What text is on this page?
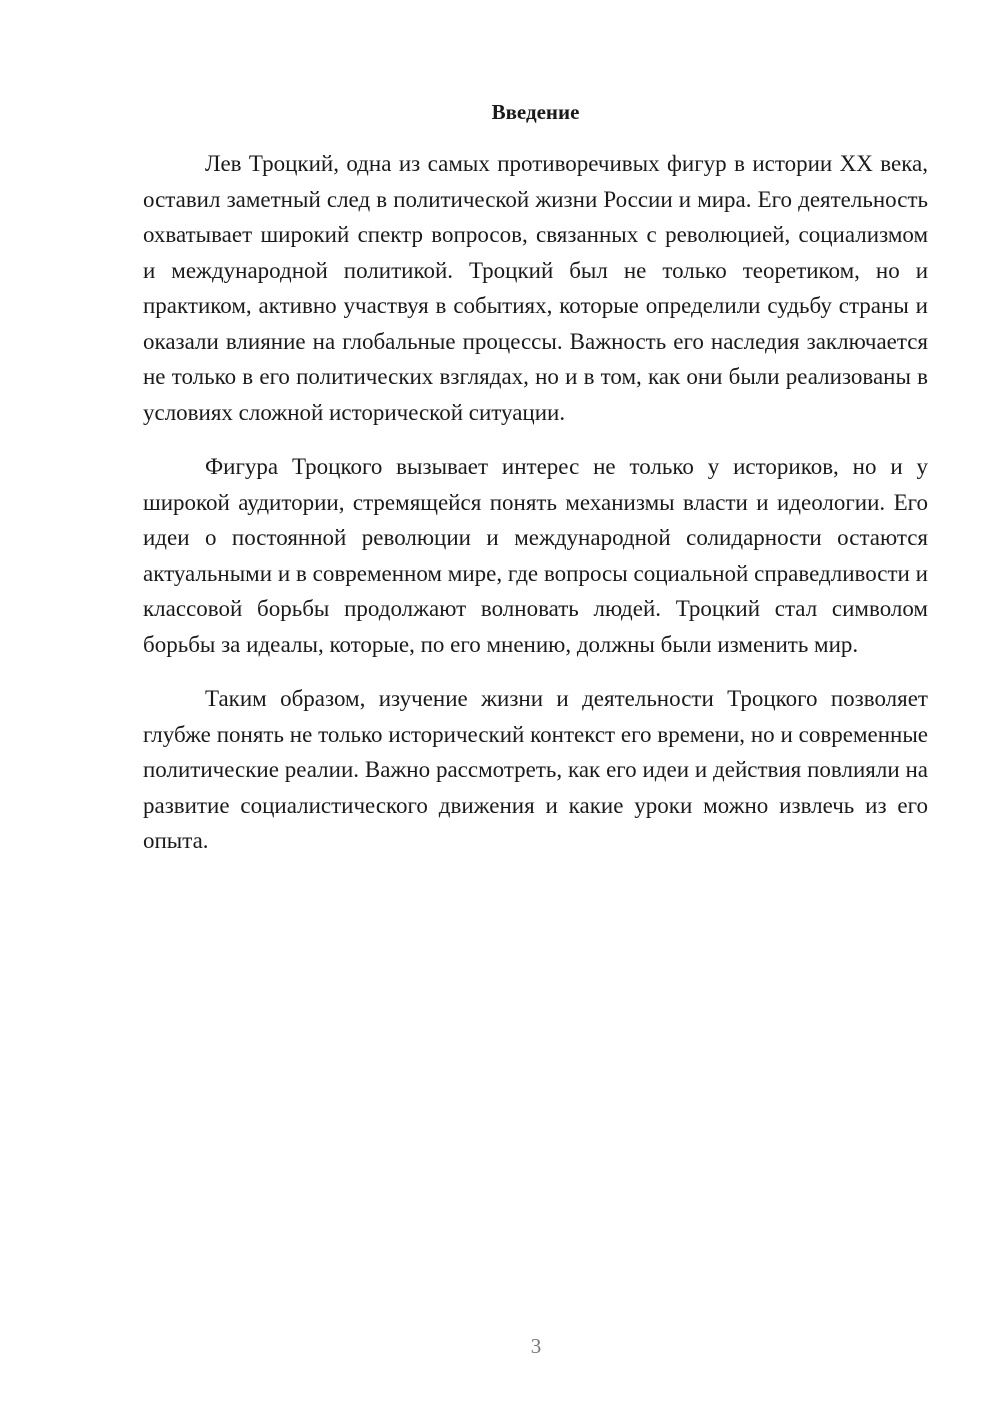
Введение

Лев Троцкий, одна из самых противоречивых фигур в истории XX века, оставил заметный след в политической жизни России и мира. Его деятельность охватывает широкий спектр вопросов, связанных с революцией, социализмом и международной политикой. Троцкий был не только теоретиком, но и практиком, активно участвуя в событиях, которые определили судьбу страны и оказали влияние на глобальные процессы. Важность его наследия заключается не только в его политических взглядах, но и в том, как они были реализованы в условиях сложной исторической ситуации.

Фигура Троцкого вызывает интерес не только у историков, но и у широкой аудитории, стремящейся понять механизмы власти и идеологии. Его идеи о постоянной революции и международной солидарности остаются актуальными и в современном мире, где вопросы социальной справедливости и классовой борьбы продолжают волновать людей. Троцкий стал символом борьбы за идеалы, которые, по его мнению, должны были изменить мир.

Таким образом, изучение жизни и деятельности Троцкого позволяет глубже понять не только исторический контекст его времени, но и современные политические реалии. Важно рассмотреть, как его идеи и действия повлияли на развитие социалистического движения и какие уроки можно извлечь из его опыта.

3
